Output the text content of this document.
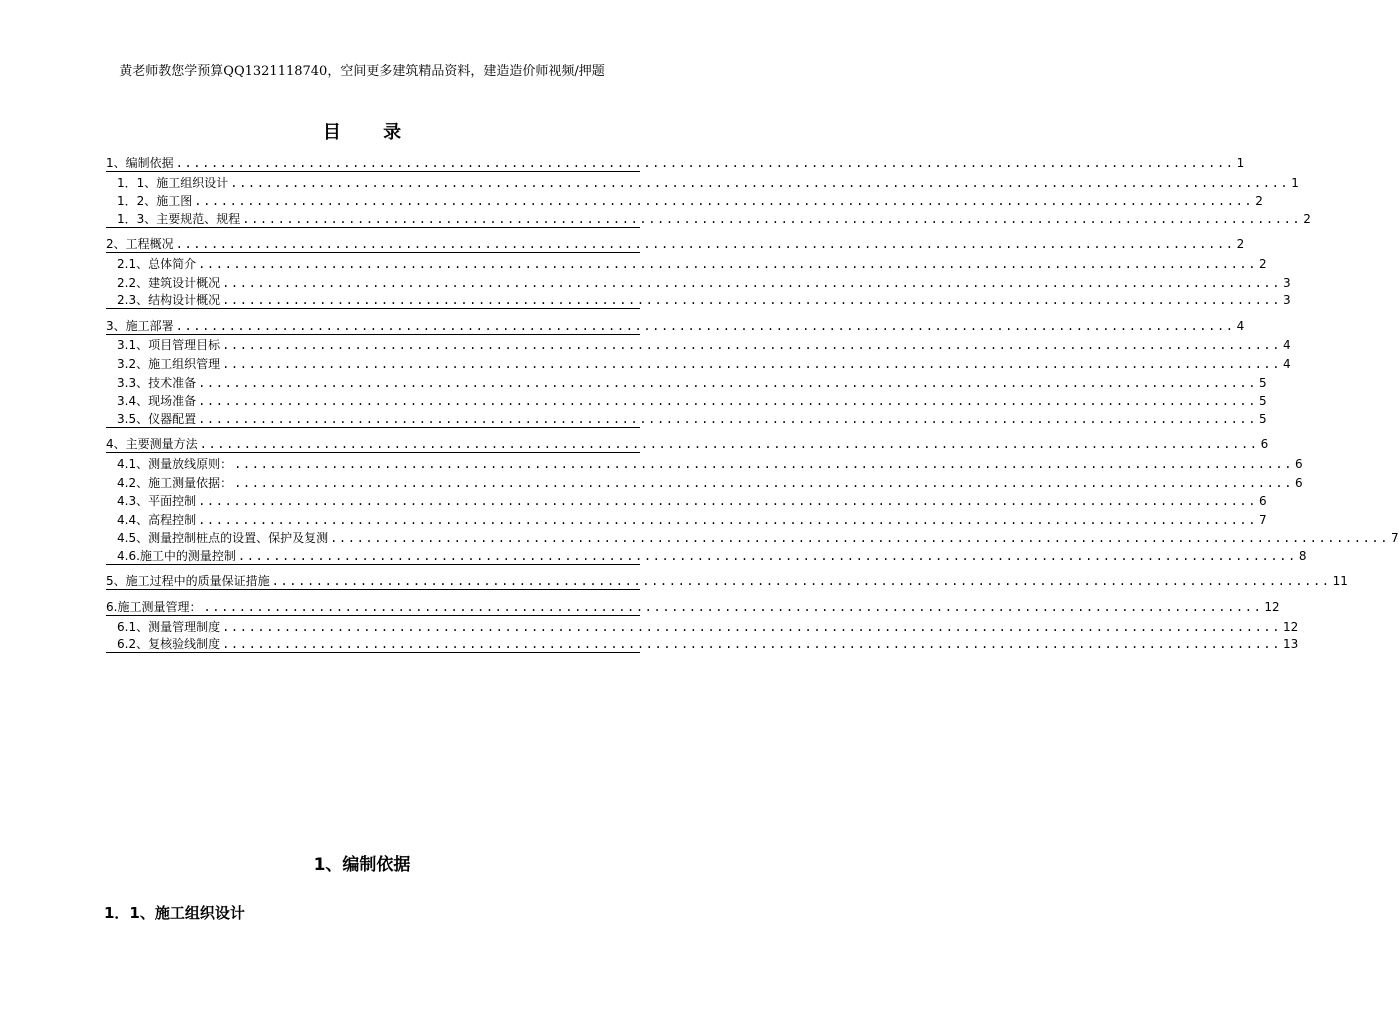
黄老师教您学预算QQ1321118740，空间更多建筑精品资料，建造造价师视频/押题
目 录
1、编制依据 ........................................................................................................................ 1
1．1、施工组织设计 ........................................................................................................................ 1
1．2、施工图 ........................................................................................................................ 2
1．3、主要规范、规程 ........................................................................................................................ 2
2、工程概况 ........................................................................................................................ 2
2.1、总体简介 ........................................................................................................................ 2
2.2、建筑设计概况 ........................................................................................................................ 3
2.3、结构设计概况 ........................................................................................................................ 3
3、施工部署 ........................................................................................................................ 4
3.1、项目管理目标 ........................................................................................................................ 4
3.2、施工组织管理 ........................................................................................................................ 4
3.3、技术准备 ........................................................................................................................ 5
3.4、现场准备 ........................................................................................................................ 5
3.5、仪器配置 ........................................................................................................................ 5
4、主要测量方法 ........................................................................................................................ 6
4.1、测量放线原则： ........................................................................................................................ 6
4.2、施工测量依据： ........................................................................................................................ 6
4.3、平面控制 ........................................................................................................................ 6
4.4、高程控制 ........................................................................................................................ 7
4.5、测量控制桩点的设置、保护及复测 ........................................................................................................................ 7
4.6.施工中的测量控制 ........................................................................................................................ 8
5、施工过程中的质量保证措施 ........................................................................................................................ 11
6.施工测量管理： ........................................................................................................................ 12
6.1、测量管理制度 ........................................................................................................................ 12
6.2、复核验线制度 ........................................................................................................................ 13
1、编制依据
1．1、施工组织设计
